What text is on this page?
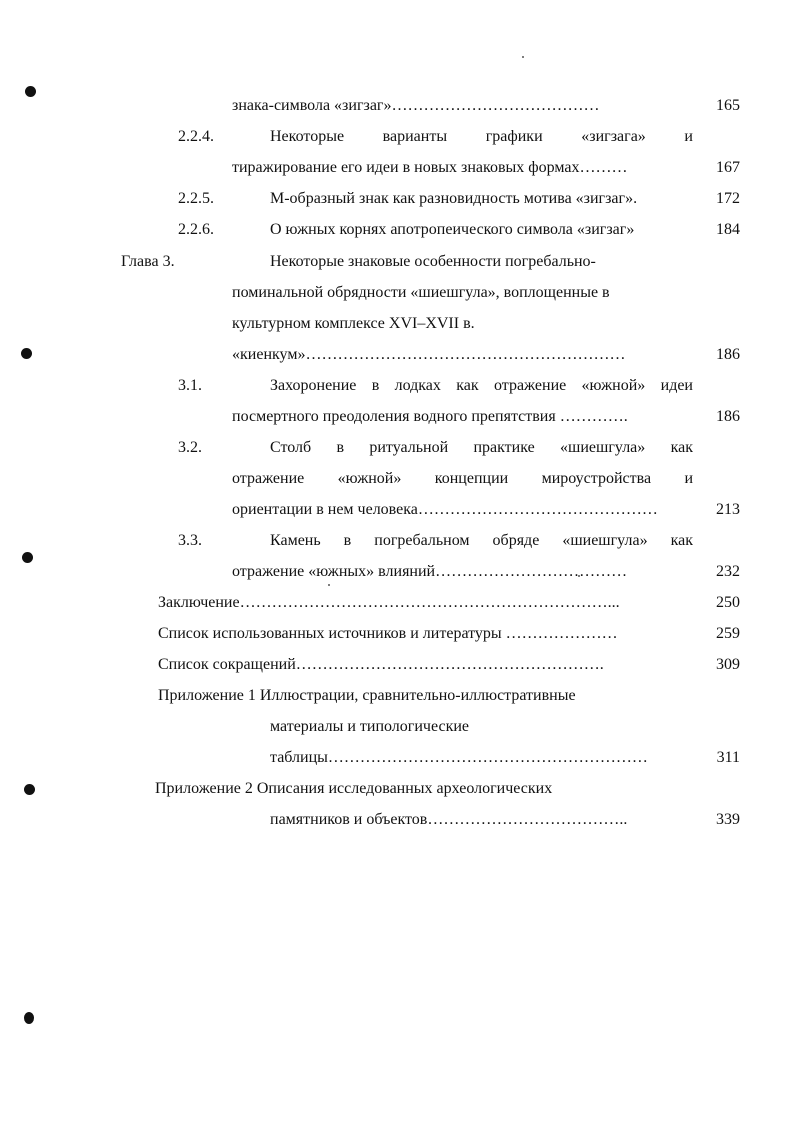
знака-символа «зигзаг»…………………………………	165
2.2.4.	Некоторые варианты графики «зигзага» и
тиражирование его идеи в новых знаковых формах………	167
2.2.5.	М-образный знак как разновидность мотива «зигзаг».	172
2.2.6.	О южных корнях апотропеического символа «зигзаг»	184
Глава 3.	Некоторые знаковые особенности погребально-
поминальной обрядности «шиешгула», воплощенные в
культурном комплексе XVI–XVII в.
«киенкум»……………………………………………………	186
3.1.	Захоронение в лодках как отражение «южной» идеи
посмертного преодоления водного препятствия ………….	186
3.2.	Столб в ритуальной практике «шиешгула» как
отражение «южной» концепции мироустройства и
ориентации в нем человека………………………………………	213
3.3.	Камень в погребальном обряде «шиешгула» как
отражение «южных» влияний………………………………	232
Заключение……………………………………………………………...	250
Список использованных источников и литературы …………………	259
Список сокращений………………………………………………….	309
Приложение 1 Иллюстрации, сравнительно-иллюстративные
материалы и типологические
таблицы……………………………………………………	311
Приложение 2 Описания исследованных археологических
памятников и объектов………………………………..	339
